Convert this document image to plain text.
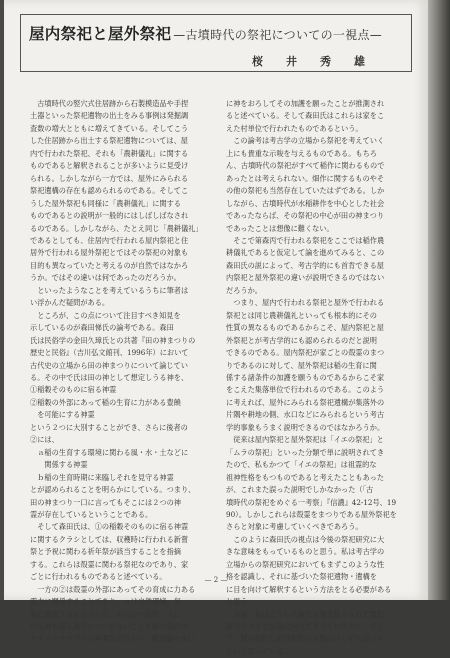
屋内祭祀と屋外祭祀 —古墳時代の祭祀についての一視点—
桜　井　秀　雄

　古墳時代の竪穴式住居跡から石製模造品や手捏

土器といった祭祀遺物の出土をみる事例は発掘調

査数の増大とともに増えてきている。そしてこう

した住居跡から出土する祭祀遺物については、屋

内で行われた祭祀、それも「農耕儀礼」に関する

ものであると解釈されることが多いように見受け

られる。しかしながら一方では、屋外にみられる

祭祀遺構の存在も認められるのである。そしてこ

うした屋外祭祀も同様に「農耕儀礼」に関する

ものであるとの説明が一般的にはしばしばなされ

るのである。しかしながら、たとえ同じ「農耕儀礼」

であるとしても、住居内で行われる屋内祭祀と住

居外で行われる屋外祭祀とではその祭祀の対象も

目的も異なっていたと考えるのが自然ではなかろ

うか。ではその違いは何であったのだろうか。

　といったようなことを考えているうちに筆者は

い浮かんだ疑問がある。

　ところが、この点について注目すべき知見を

示しているのが森田悌氏の論考である。森田

氏は民俗学の金田久璋氏との共著『田の神まつりの

歴史と民俗』（吉川弘文館刊、1996年）において

古代史の立場から田の神まつりについて論じてい

る。その中で氏は田の神として想定しうる神を、

①稲穀そのものに宿る神霊

②稲穀の外部にあって稲の生育に力がある豊饒

　を可能にする神霊

という２つに大別することができ、さらに後者の

②には、

　ａ稲の生育する環境に関わる風・水・土などに

　　関係する神霊

　ｂ稲の生育時期に来臨しそれを見守る神霊

とが認められることを明らかにしている。つまり、

田の神まつり一口に言ってもそこには２つの神

霊が存在しているということである。

　そして森田氏は、①の稲穀そのものに宿る神霊

に関するクラシとしては、収穫時に行われる新嘗

祭と予祝に関わる祈年祭が該当することを指摘

する。これらは殻霊に関わる祭祀なのであり、家

ごとに行われるものであると述べている。

　一方の②は殻霊の外部にあってその育成に力ある

霊力に関係することであり、ａは自然環境、気

象に関係するものとして、ｂは山や高所・天に

いる神を迎え農作につつがないことを願う現在の

サオリやサナブリの神事などがあり、耕地脇や水口

に神をおろしてその加護を願ったことが推測され

ると述べている。そして森田氏はこれらは家をこ

えた村単位で行われたものであるという。

　この論考は考古学の立場から祭祀を考えていく

上にも貴重な示唆を与えるものである。もちろ

ん、古墳時代の祭祀がすべて稲作に関わるもので

あったとは考えられない。畑作に関するものやそ

の他の祭祀も当然存在していたはずである。しか

しながら、古墳時代が水稲耕作を中心とした社会

であったならば、その祭祀の中心が田の神まつり

であったことは想像に難くない。

　そこで第森丙で行われる祭祀をここでは稲作農

耕儀礼であると仮定して論を進めてみると、この

森田氏の説によって、考古学的にも首肯できる屋

内祭祀と屋外祭祀の違いが説明できるのではない

だろうか。

　つまり、屋内で行われる祭祀と屋外で行われる

祭祀とは同じ農耕儀礼といっても根本的にその

性質の異なるものであるからこそ、屋内祭祀と屋

外祭祀とが考古学的にも認められるのだと説明

できるのである。屋内祭祀が家ごとの殻霊のまつ

りであるのに対して、屋外祭祀は稲の生育に関

係する諸条件の加護を願うものであるからこそ家

をこえた集落単位で行われるのである。このよう

に考えれば、屋外にみられる祭祀遺構が集落外の

片隅や耕地の側、水口などにみられるという考古

学的事象もうまく説明できるのではなかろうか。

　従来は屋内祭祀と屋外祭祀は「イエの祭祀」と

「ムラの祭祀」といった分類で単に説明されてき

たので、私もかつて「イエの祭祀」は祖霊的な

祖神性格をもつものであると考えたこともあった

が、これまた誤った説明でしかなかった（「古

墳時代の祭祀をめぐる一考察」『信濃』42-12号、19

90）。しかしこれらは殻霊をまつりである屋外祭祀を

さらと対象に考慮していくべきであろう。

　このように森田氏の視点は今後の祭祀研究に大

きな意味をもっているものと思う。私は考古学の

立場からの祭祀研究においてもまずこのような性

格を認識し、それに基づいた祭祀遺物・遺構を

に目を向けて解釈するという方法をとる必要がある

と思う。

　今後、私はこうした研究成果を取り入れて祭祀

研究の大きな前進に向けて考えていきたい。そし

て、屋内祭祀と屋外祭祀の実態に少しでも近づき

たいと思っている。

— 2 —
